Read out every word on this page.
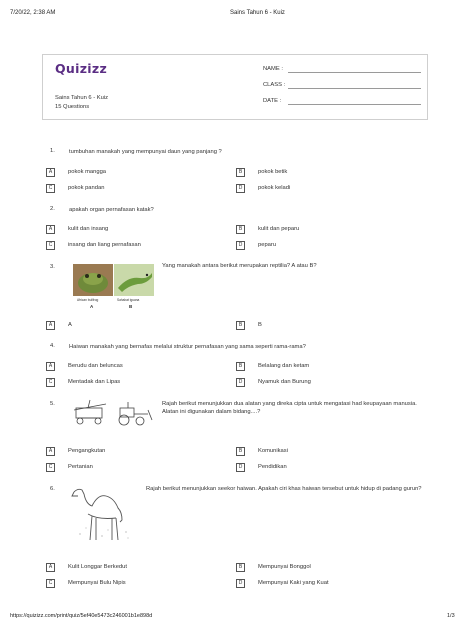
7/20/22, 2:38 AM	Sains Tahun 6 - Kuiz
Quizizz
Sains Tahun 6 - Kuiz
15 Questions
NAME :
CLASS :
DATE :
1. tumbuhan manakah yang mempunyai daun yang panjang ?
A	pokok mangga	B	pokok betik
C	pokok pandan	D	pokok keladi
2. apakah organ pernafasan katak?
A	kulit dan insang	B	kulit dan peparu
C	insang dan liang pernafasan	D	peparu
3.	Yang manakah antara berikut merupakan reptilia? A atau B?
African bullfrog
A
Sahabat iguana
B
A	A	B	B
4. Haiwan manakah yang bernafas melalui struktur pernafasan yang sama seperti rama-rama?
A	Berudu dan beluncas	B	Belalang dan ketam
C	Mentadak dan Lipas	D	Nyamuk dan Burung
5.	Rajah berikut menunjukkan dua alatan yang direka cipta untuk mengatasi had keupayaan manusia. Alatan ini digunakan dalam bidang....?
A	Pengangkutan	B	Komunikasi
C	Pertanian	D	Pendidikan
6.	Rajah berikut menunjukkan seekor haiwan. Apakah ciri khas haiwan tersebut untuk hidup di padang gurun?
A	Kulit Longgar Berkedut	B	Mempunyai Bonggol
C	Mempunyai Bulu Nipis	D	Mempunyai Kaki yang Kuat
https://quizizz.com/print/quiz/5ef40e5473c246001b1e898d	1/3
